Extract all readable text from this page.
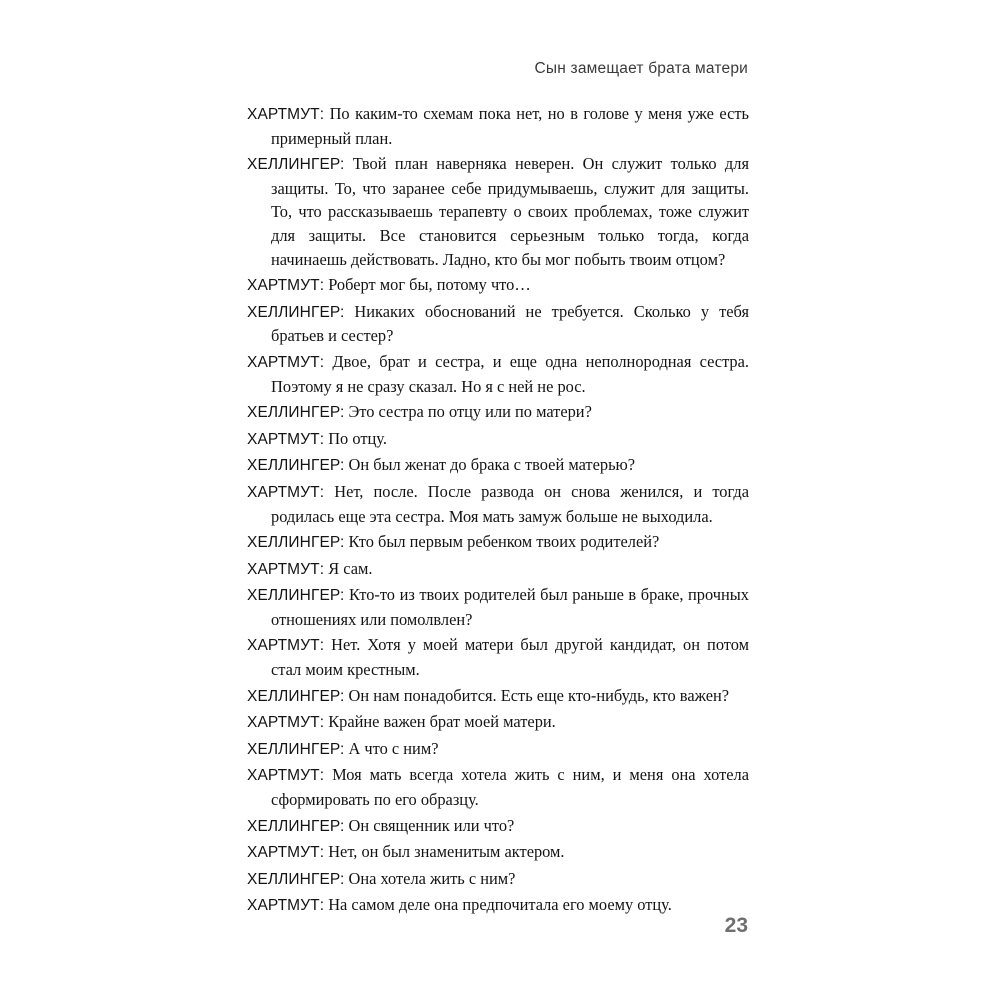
Сын замещает брата матери

ХАРТМУТ: По каким-то схемам пока нет, но в голове у меня уже есть примерный план.

ХЕЛЛИНГЕР: Твой план наверняка неверен. Он служит только для защиты. То, что заранее себе придумываешь, служит для защиты. То, что рассказываешь терапевту о своих проблемах, тоже служит для защиты. Все становится серьезным только тогда, когда начинаешь действовать. Ладно, кто бы мог побыть твоим отцом?

ХАРТМУТ: Роберт мог бы, потому что…

ХЕЛЛИНГЕР: Никаких обоснований не требуется. Сколько у тебя братьев и сестер?

ХАРТМУТ: Двое, брат и сестра, и еще одна неполнородная сестра. Поэтому я не сразу сказал. Но я с ней не рос.

ХЕЛЛИНГЕР: Это сестра по отцу или по матери?

ХАРТМУТ: По отцу.

ХЕЛЛИНГЕР: Он был женат до брака с твоей матерью?

ХАРТМУТ: Нет, после. После развода он снова женился, и тогда родилась еще эта сестра. Моя мать замуж больше не выходила.

ХЕЛЛИНГЕР: Кто был первым ребенком твоих родителей?

ХАРТМУТ: Я сам.

ХЕЛЛИНГЕР: Кто-то из твоих родителей был раньше в браке, прочных отношениях или помолвлен?

ХАРТМУТ: Нет. Хотя у моей матери был другой кандидат, он потом стал моим крестным.

ХЕЛЛИНГЕР: Он нам понадобится. Есть еще кто-нибудь, кто важен?

ХАРТМУТ: Крайне важен брат моей матери.

ХЕЛЛИНГЕР: А что с ним?

ХАРТМУТ: Моя мать всегда хотела жить с ним, и меня она хотела сформировать по его образцу.

ХЕЛЛИНГЕР: Он священник или что?

ХАРТМУТ: Нет, он был знаменитым актером.

ХЕЛЛИНГЕР: Она хотела жить с ним?

ХАРТМУТ: На самом деле она предпочитала его моему отцу.

23
